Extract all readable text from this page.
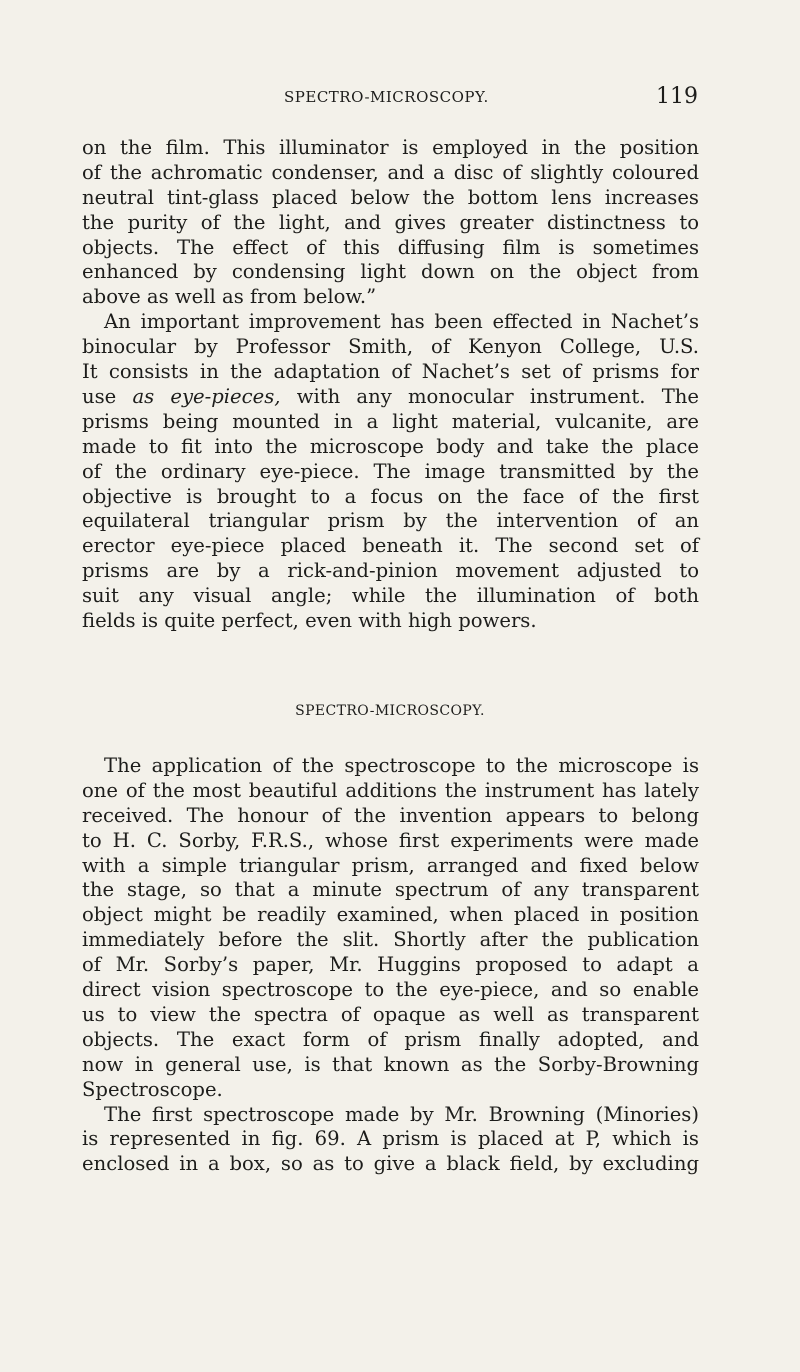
SPECTRO-MICROSCOPY.	119
on the film. This illuminator is employed in the position
of the achromatic condenser, and a disc of slightly coloured
neutral tint-glass placed below the bottom lens increases
the purity of the light, and gives greater distinctness to
objects. The effect of this diffusing film is sometimes
enhanced by condensing light down on the object from
above as well as from below.”
An important improvement has been effected in Nachet’s
binocular by Professor Smith, of Kenyon College, U.S.
It consists in the adaptation of Nachet’s set of prisms for
use as eye-pieces, with any monocular instrument. The
prisms being mounted in a light material, vulcanite, are
made to fit into the microscope body and take the place
of the ordinary eye-piece. The image transmitted by the
objective is brought to a focus on the face of the first
equilateral triangular prism by the intervention of an
erector eye-piece placed beneath it. The second set of
prisms are by a rick-and-pinion movement adjusted to
suit any visual angle; while the illumination of both
fields is quite perfect, even with high powers.
SPECTRO-MICROSCOPY.
The application of the spectroscope to the microscope is
one of the most beautiful additions the instrument has lately
received. The honour of the invention appears to belong
to H. C. Sorby, F.R.S., whose first experiments were made
with a simple triangular prism, arranged and fixed below
the stage, so that a minute spectrum of any transparent
object might be readily examined, when placed in position
immediately before the slit. Shortly after the publication
of Mr. Sorby’s paper, Mr. Huggins proposed to adapt a
direct vision spectroscope to the eye-piece, and so enable
us to view the spectra of opaque as well as transparent
objects. The exact form of prism finally adopted, and
now in general use, is that known as the Sorby-Browning
Spectroscope.
The first spectroscope made by Mr. Browning (Minories)
is represented in fig. 69. A prism is placed at P, which is
enclosed in a box, so as to give a black field, by excluding
